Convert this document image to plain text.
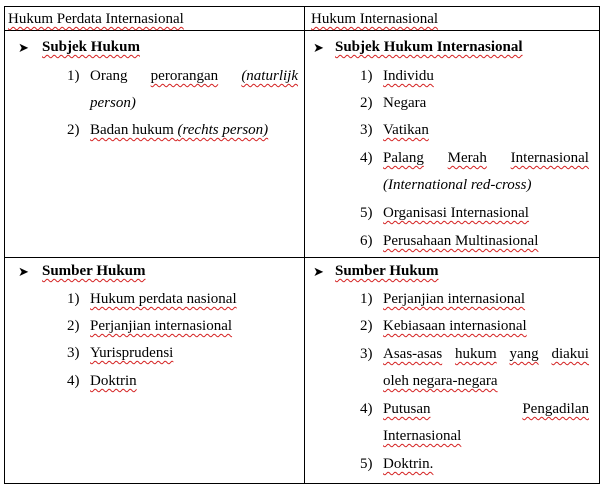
Hukum Perdata Internasional	Hukum Internasional
➤ Subjek Hukum
1) Orang perorangan (naturlijk
person)
2) Badan hukum (rechts person)
➤ Subjek Hukum Internasional
1) Individu
2) Negara
3) Vatikan
4) Palang Merah Internasional
(International red-cross)
5) Organisasi Internasional
6) Perusahaan Multinasional
➤ Sumber Hukum
1) Hukum perdata nasional
2) Perjanjian internasional
3) Yurisprudensi
4) Doktrin
➤ Sumber Hukum
1) Perjanjian internasional
2) Kebiasaan internasional
3) Asas-asas hukum yang diakui
oleh negara-negara
4) Putusan	Pengadilan
Internasional
5) Doktrin.
